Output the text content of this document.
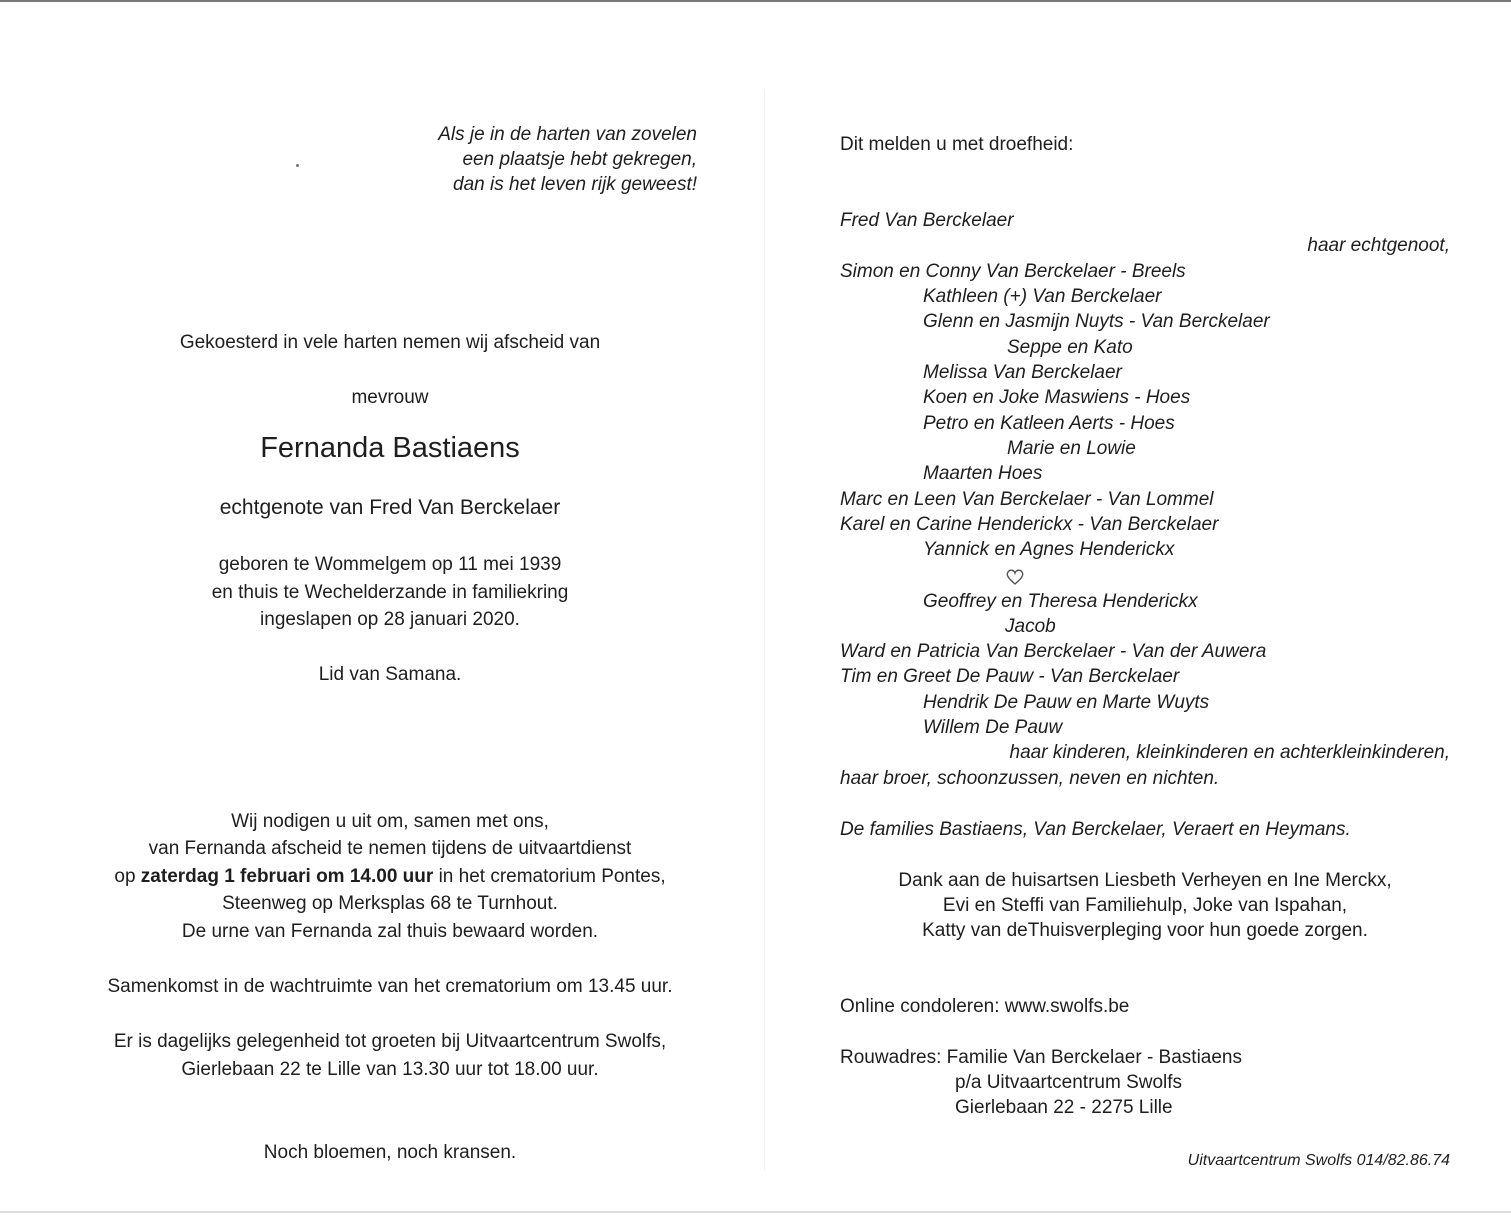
Als je in de harten van zovelen
een plaatsje hebt gekregen,
dan is het leven rijk geweest!
Gekoesterd in vele harten nemen wij afscheid van
mevrouw
Fernanda Bastiaens
echtgenote van Fred Van Berckelaer
geboren te Wommelgem op 11 mei 1939
en thuis te Wechelderzande in familiekring
ingeslapen op 28 januari 2020.
Lid van Samana.
Wij nodigen u uit om, samen met ons,
van Fernanda afscheid te nemen tijdens de uitvaartdienst
op zaterdag 1 februari om 14.00 uur in het crematorium Pontes,
Steenweg op Merksplas 68 te Turnhout.
De urne van Fernanda zal thuis bewaard worden.
Samenkomst in de wachtruimte van het crematorium om 13.45 uur.
Er is dagelijks gelegenheid tot groeten bij Uitvaartcentrum Swolfs,
Gierlebaan 22 te Lille van 13.30 uur tot 18.00 uur.
Noch bloemen, noch kransen.
Dit melden u met droefheid:
Fred Van Berckelaer
haar echtgenoot,
Simon en Conny Van Berckelaer - Breels
Kathleen (+) Van Berckelaer
Glenn en Jasmijn Nuyts - Van Berckelaer
Seppe en Kato
Melissa Van Berckelaer
Koen en Joke Maswiens - Hoes
Petro en Katleen Aerts - Hoes
Marie en Lowie
Maarten Hoes
Marc en Leen Van Berckelaer - Van Lommel
Karel en Carine Henderickx - Van Berckelaer
Yannick en Agnes Henderickx
Geoffrey en Theresa Henderickx
Jacob
Ward en Patricia Van Berckelaer - Van der Auwera
Tim en Greet De Pauw - Van Berckelaer
Hendrik De Pauw en Marte Wuyts
Willem De Pauw
haar kinderen, kleinkinderen en achterkleinkinderen,
haar broer, schoonzussen, neven en nichten.
De families Bastiaens, Van Berckelaer, Veraert en Heymans.
Dank aan de huisartsen Liesbeth Verheyen en Ine Merckx,
Evi en Steffi van Familiehulp, Joke van Ispahan,
Katty van deThuisverpleging voor hun goede zorgen.
Online condoleren: www.swolfs.be
Rouwadres: Familie Van Berckelaer - Bastiaens
p/a Uitvaartcentrum Swolfs
Gierlebaan 22 - 2275 Lille
Uitvaartcentrum Swolfs 014/82.86.74
